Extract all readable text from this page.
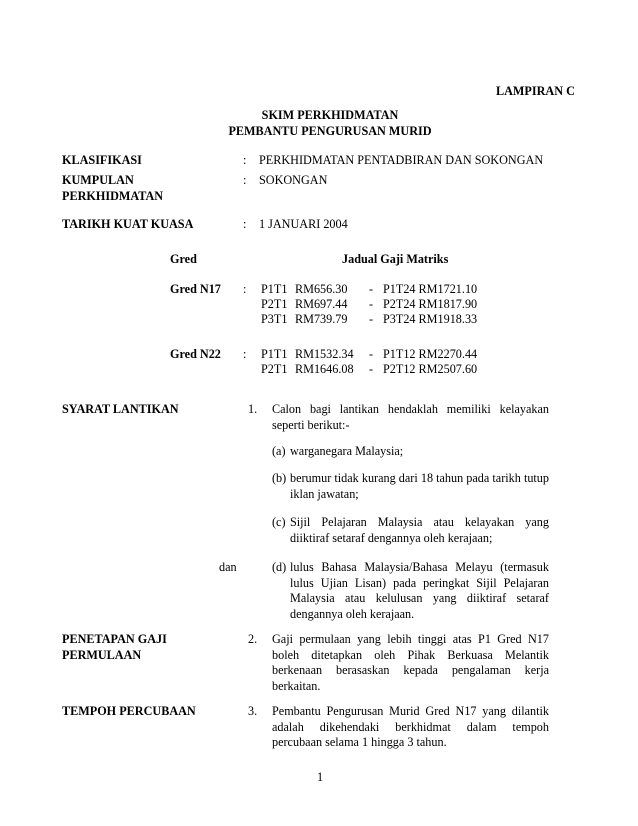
LAMPIRAN C
SKIM PERKHIDMATAN
PEMBANTU PENGURUSAN MURID
KLASIFIKASI	: PERKHIDMATAN PENTADBIRAN DAN SOKONGAN
KUMPULAN
PERKHIDMATAN
: SOKONGAN
TARIKH KUAT KUASA	: 1 JANUARI 2004
Gred	Jadual Gaji Matriks
Gred N17 : P1T1 RM656.30 - P1T24 RM1721.10
P2T1 RM697.44 - P2T24 RM1817.90
P3T1 RM739.79 - P3T24 RM1918.33
Gred N22 : P1T1 RM1532.34 - P1T12 RM2270.44
P2T1 RM1646.08 - P2T12 RM2507.60
SYARAT LANTIKAN	1. Calon bagi lantikan hendaklah memiliki kelayakan seperti berikut:-
(a) warganegara Malaysia;
(b) berumur tidak kurang dari 18 tahun pada tarikh tutup iklan jawatan;
(c) Sijil Pelajaran Malaysia atau kelayakan yang diiktiraf setaraf dengannya oleh kerajaan;
dan	(d) lulus Bahasa Malaysia/Bahasa Melayu (termasuk lulus Ujian Lisan) pada peringkat Sijil Pelajaran Malaysia atau kelulusan yang diiktiraf setaraf dengannya oleh kerajaan.
PENETAPAN GAJI
PERMULAAN
2. Gaji permulaan yang lebih tinggi atas P1 Gred N17 boleh ditetapkan oleh Pihak Berkuasa Melantik berkenaan berasaskan kepada pengalaman kerja berkaitan.
TEMPOH PERCUBAAN	3. Pembantu Pengurusan Murid Gred N17 yang dilantik adalah dikehendaki berkhidmat dalam tempoh percubaan selama 1 hingga 3 tahun.
1
